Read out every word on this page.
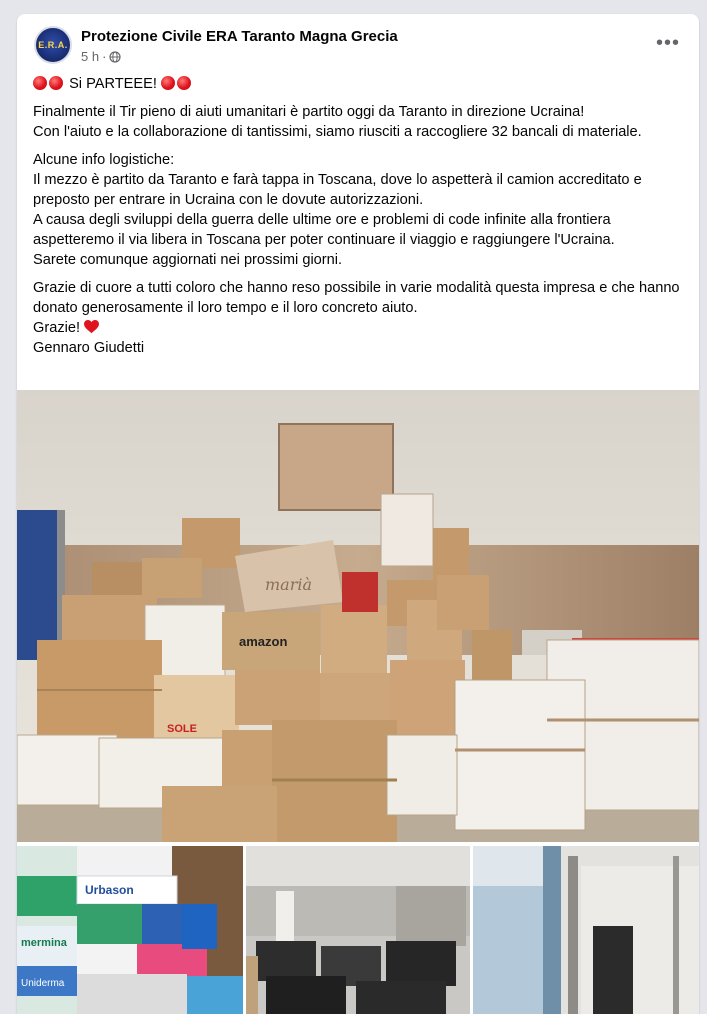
E.R.A. Protezione Civile ERA Taranto Magna Grecia
5 h ·
•••

Si PARTEEE!

Finalmente il Tir pieno di aiuti umanitari è partito oggi da Taranto in direzione Ucraina!
Con l'aiuto e la collaborazione di tantissimi, siamo riusciti a raccogliere 32 bancali di materiale.

Alcune info logistiche:
Il mezzo è partito da Taranto e farà tappa in Toscana, dove lo aspetterà il camion accreditato e preposto per entrare in Ucraina con le dovute autorizzazioni.
A causa degli sviluppi della guerra delle ultime ore e problemi di code infinite alla frontiera aspetteremo il via libera in Toscana per poter continuare il viaggio e raggiungere l'Ucraina.
Sarete comunque aggiornati nei prossimi giorni.

Grazie di cuore a tutti coloro che hanno reso possibile in varie modalità questa impresa e che hanno donato generosamente il loro tempo e il loro concreto aiuto.
Grazie!
Gennaro Giudetti

marià
amazon
SOLE
mermina
Uniderma
Urbason
